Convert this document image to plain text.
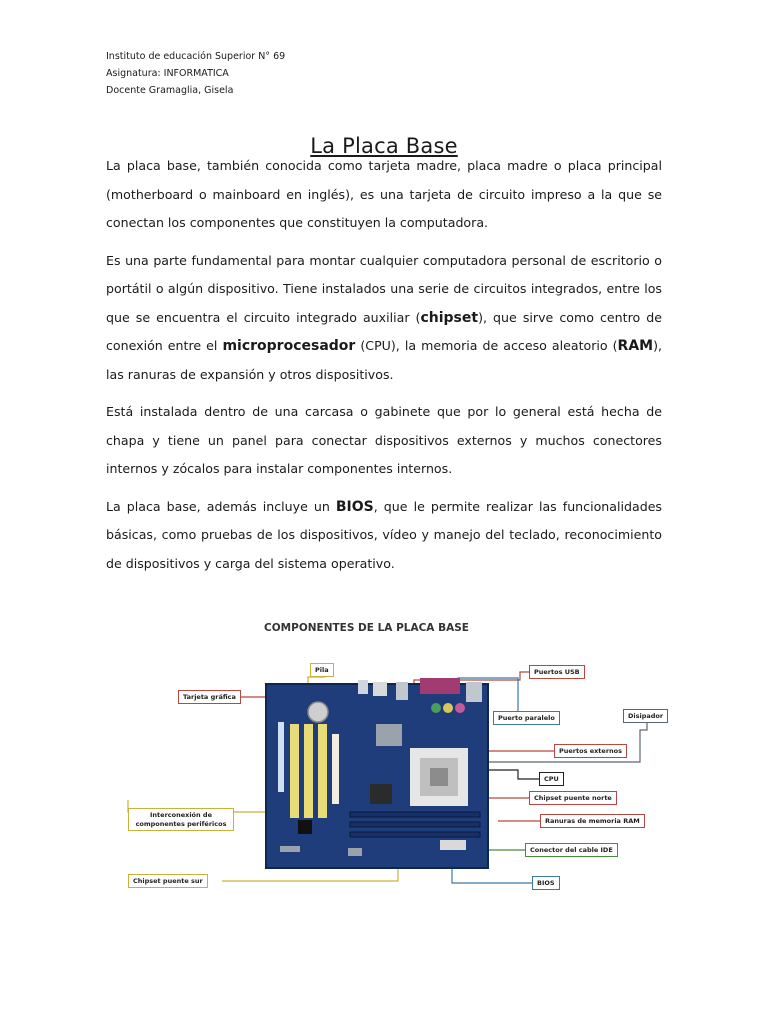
Instituto de educación Superior N° 69
Asignatura: INFORMATICA
Docente Gramaglia, Gisela
La Placa Base

La placa base, también conocida como tarjeta madre, placa madre o placa principal (motherboard o mainboard en inglés), es una tarjeta de circuito impreso a la que se conectan los componentes que constituyen la computadora.

Es una parte fundamental para montar cualquier computadora personal de escritorio o portátil o algún dispositivo. Tiene instalados una serie de circuitos integrados, entre los que se encuentra el circuito integrado auxiliar (chipset), que sirve como centro de conexión entre el microprocesador (CPU), la memoria de acceso aleatorio (RAM), las ranuras de expansión y otros dispositivos.

Está instalada dentro de una carcasa o gabinete que por lo general está hecha de chapa y tiene un panel para conectar dispositivos externos y muchos conectores internos y zócalos para instalar componentes internos.

La placa base, además incluye un BIOS, que le permite realizar las funcionalidades básicas, como pruebas de los dispositivos, vídeo y manejo del teclado, reconocimiento de dispositivos y carga del sistema operativo.

COMPONENTES DE LA PLACA BASE
Pila	Puertos USB
Tarjeta gráfica
Puerto paralelo	Disipador
Puertos externos
CPU
Chipset puente norte
Interconexión de componentes periféricos	Ranuras de memoria RAM
Conector del cable IDE
Chipset puente sur	BIOS
